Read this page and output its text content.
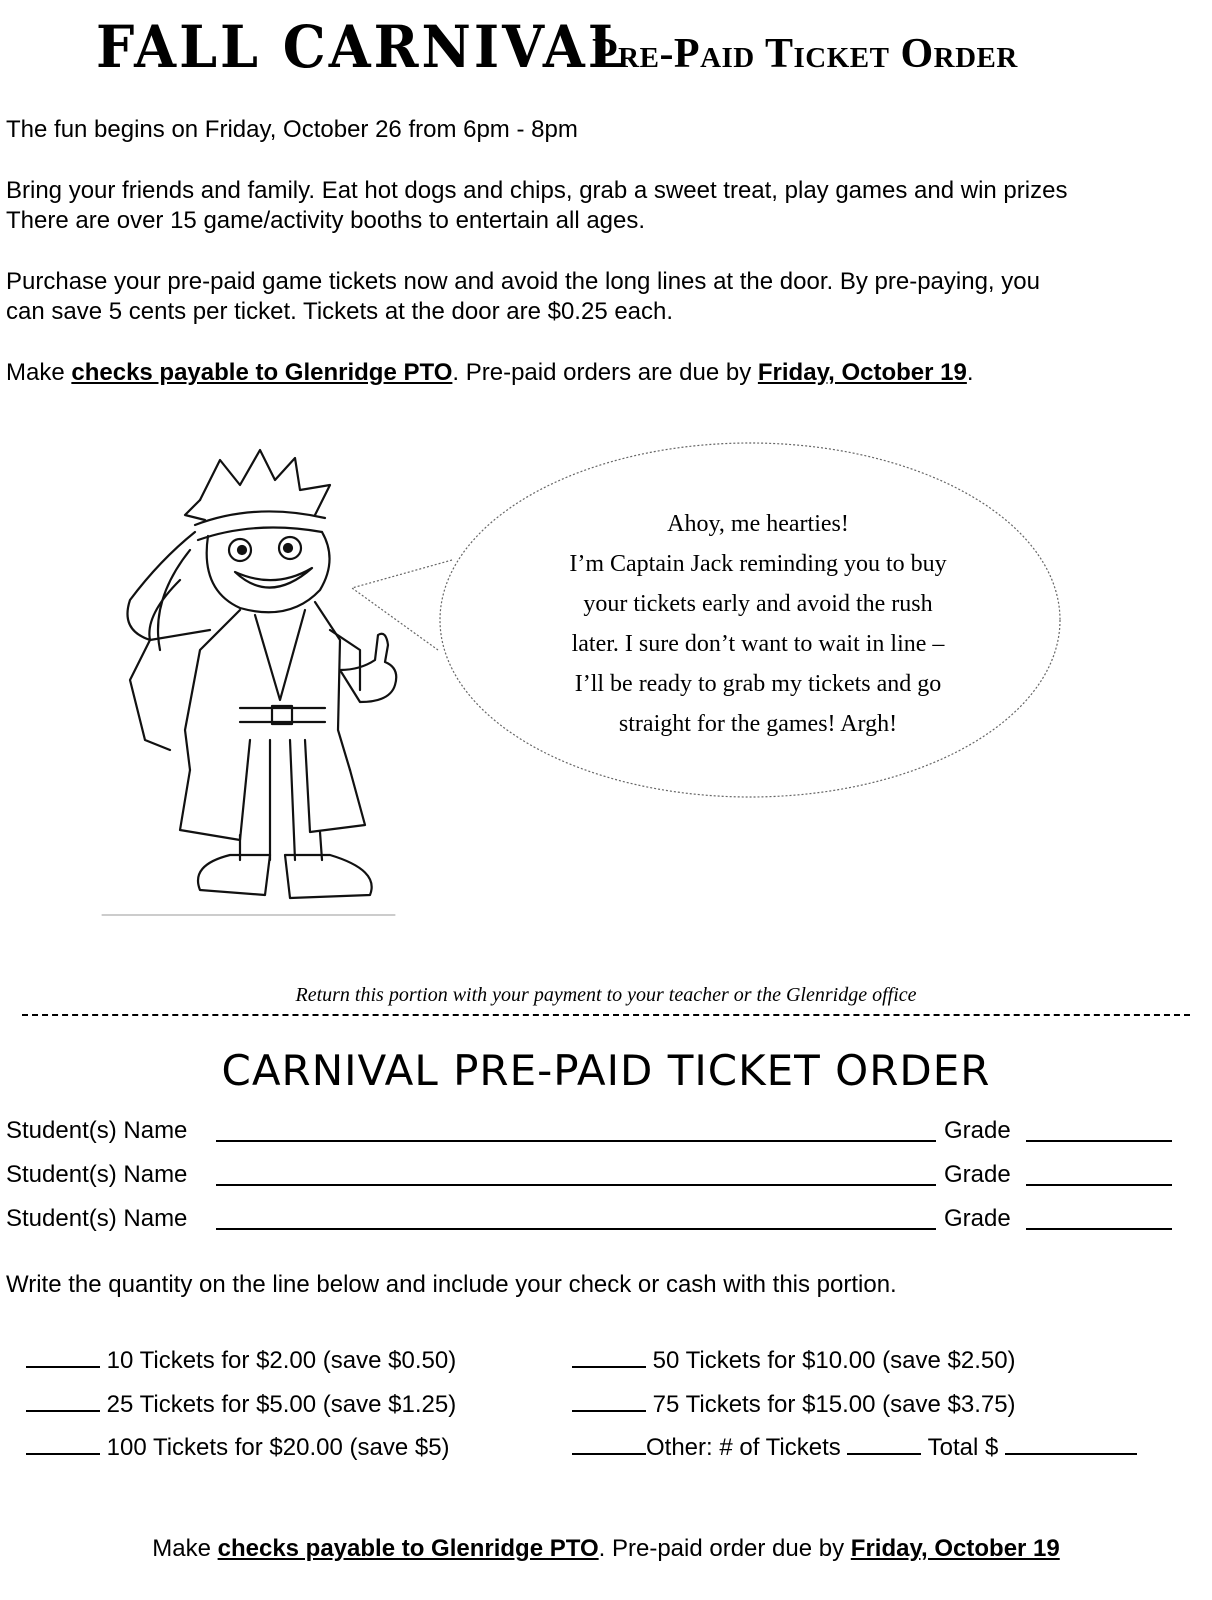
FALL CARNIVAL
Pre-Paid Ticket Order
The fun begins on Friday, October 26 from 6pm - 8pm
Bring your friends and family. Eat hot dogs and chips, grab a sweet treat, play games and win prizes
There are over 15 game/activity booths to entertain all ages.
Purchase your pre-paid game tickets now and avoid the long lines at the door. By pre-paying, you
can save 5 cents per ticket. Tickets at the door are $0.25 each.
Make checks payable to Glenridge PTO. Pre-paid orders are due by Friday, October 19.
Ahoy, me hearties!
I’m Captain Jack reminding you to buy
your tickets early and avoid the rush
later. I sure don’t want to wait in line –
I’ll be ready to grab my tickets and go
straight for the games! Argh!
Return this portion with your payment to your teacher or the Glenridge office
CARNIVAL PRE-PAID TICKET ORDER
Student(s) Name	Grade
Student(s) Name	Grade
Student(s) Name	Grade
Write the quantity on the line below and include your check or cash with this portion.
10 Tickets for $2.00 (save $0.50)
25 Tickets for $5.00 (save $1.25)
100 Tickets for $20.00 (save $5)
50 Tickets for $10.00 (save $2.50)
75 Tickets for $15.00 (save $3.75)
Other: # of Tickets	Total $
Make checks payable to Glenridge PTO. Pre-paid order due by Friday, October 19
